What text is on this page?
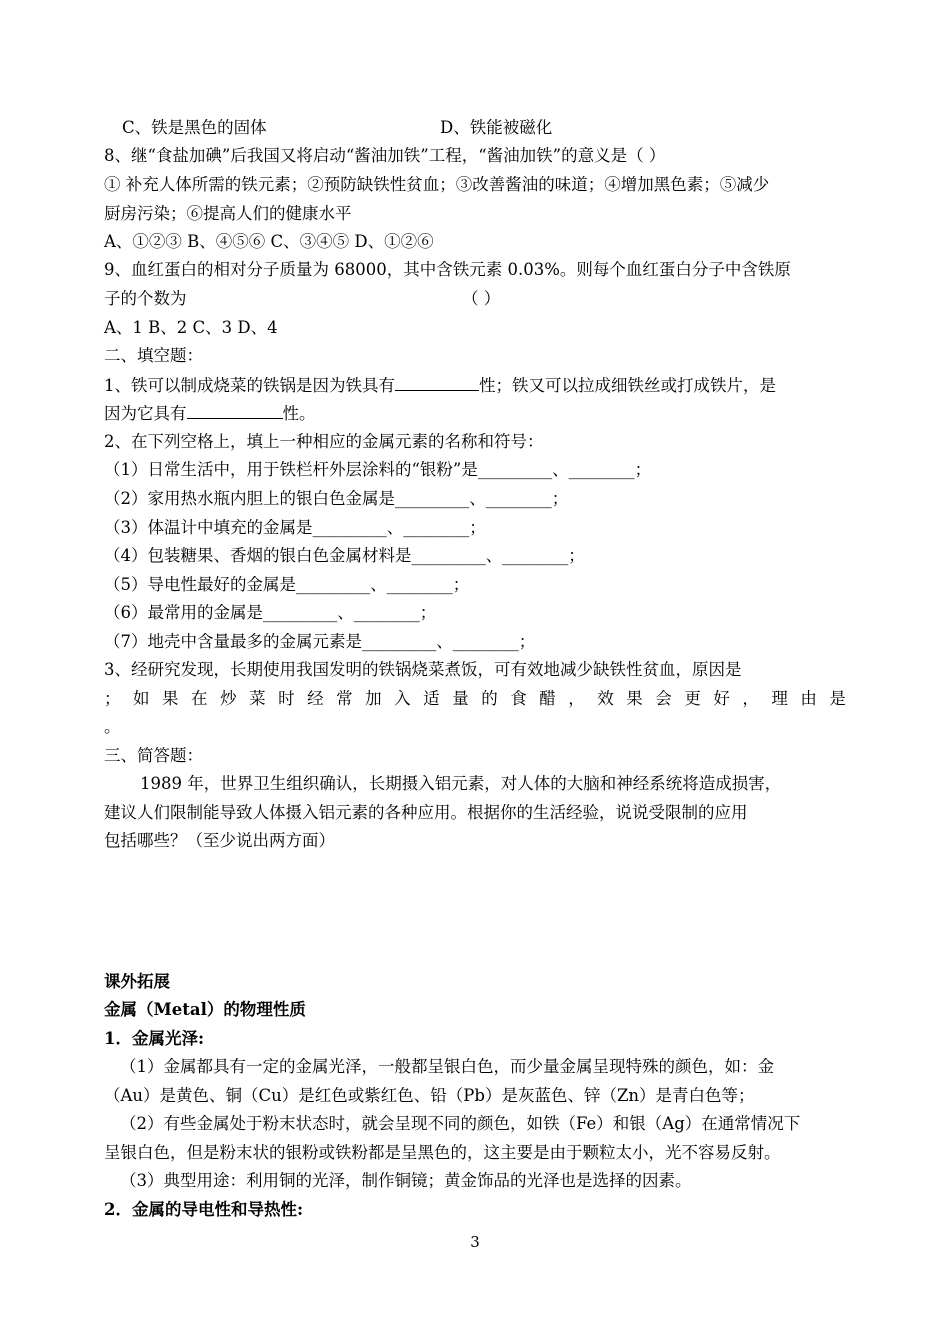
C、铁是黑色的固体	D、铁能被磁化
8、继“食盐加碘”后我国又将启动“酱油加铁”工程，“酱油加铁”的意义是（ ）
① 补充人体所需的铁元素；②预防缺铁性贫血；③改善酱油的味道；④增加黑色素；⑤减少
厨房污染；⑥提高人们的健康水平
A、①②③ B、④⑤⑥ C、③④⑤ D、①②⑥
9、血红蛋白的相对分子质量为 68000，其中含铁元素 0.03%。则每个血红蛋白分子中含铁原
子的个数为	（ ）
A、1 B、2 C、3 D、4
二、填空题：
1、铁可以制成烧菜的铁锅是因为铁具有	性；铁又可以拉成细铁丝或打成铁片，是
因为它具有	性。
2、在下列空格上，填上一种相应的金属元素的名称和符号：
（1）日常生活中，用于铁栏杆外层涂料的“银粉”是_________、________；
（2）家用热水瓶内胆上的银白色金属是_________、________；
（3）体温计中填充的金属是_________、________；
（4）包装糖果、香烟的银白色金属材料是_________、________；
（5）导电性最好的金属是_________、________；
（6）最常用的金属是_________、________；
（7）地壳中含量最多的金属元素是_________、________；
3、经研究发现，长期使用我国发明的铁锅烧菜煮饭，可有效地减少缺铁性贫血，原因是
； 如 果 在 炒 菜 时 经 常 加 入 适 量 的 食 醋 ， 效 果 会 更 好 ， 理 由 是
。
三、简答题：
1989 年，世界卫生组织确认，长期摄入铝元素，对人体的大脑和神经系统将造成损害，
建议人们限制能导致人体摄入铝元素的各种应用。根据你的生活经验，说说受限制的应用
包括哪些？（至少说出两方面）
课外拓展
金属（Metal）的物理性质
1．金属光泽:
（1）金属都具有一定的金属光泽，一般都呈银白色，而少量金属呈现特殊的颜色，如：金
（Au）是黄色、铜（Cu）是红色或紫红色、铅（Pb）是灰蓝色、锌（Zn）是青白色等；
（2）有些金属处于粉末状态时，就会呈现不同的颜色，如铁（Fe）和银（Ag）在通常情况下
呈银白色，但是粉末状的银粉或铁粉都是呈黑色的，这主要是由于颗粒太小，光不容易反射。
（3）典型用途：利用铜的光泽，制作铜镜；黄金饰品的光泽也是选择的因素。
2．金属的导电性和导热性:
3
